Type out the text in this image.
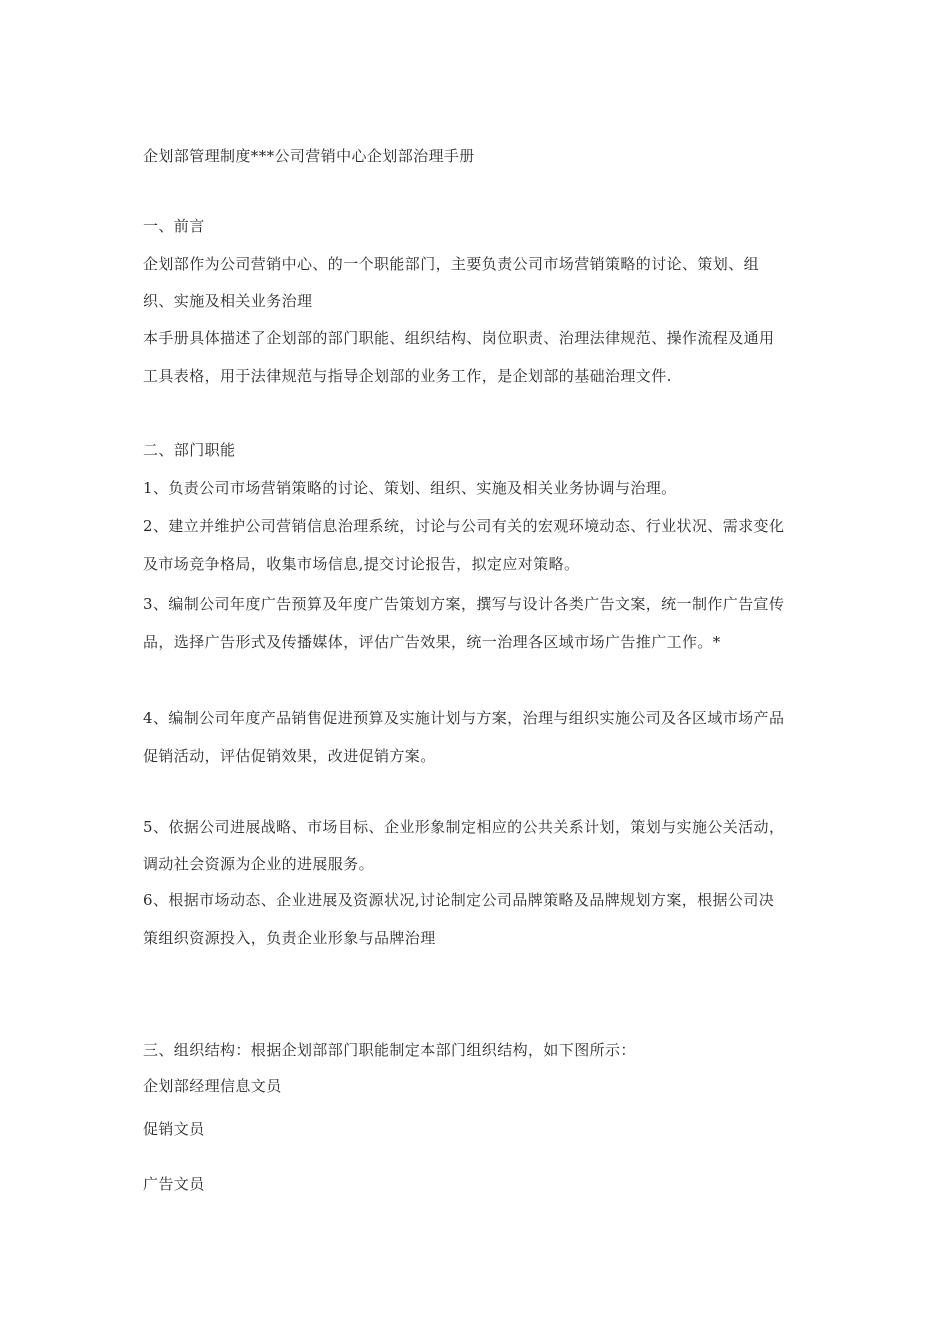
企划部管理制度***公司营销中心企划部治理手册
一、前言
企划部作为公司营销中心、的一个职能部门，主要负责公司市场营销策略的讨论、策划、组
织、实施及相关业务治理
本手册具体描述了企划部的部门职能、组织结构、岗位职责、治理法律规范、操作流程及通用
工具表格，用于法律规范与指导企划部的业务工作，是企划部的基础治理文件.
二、部门职能
1、负责公司市场营销策略的讨论、策划、组织、实施及相关业务协调与治理。
2、建立并维护公司营销信息治理系统，讨论与公司有关的宏观环境动态、行业状况、需求变化
及市场竞争格局，收集市场信息,提交讨论报告，拟定应对策略。
3、编制公司年度广告预算及年度广告策划方案，撰写与设计各类广告文案，统一制作广告宣传
品，选择广告形式及传播媒体，评估广告效果，统一治理各区域市场广告推广工作。*
4、编制公司年度产品销售促进预算及实施计划与方案，治理与组织实施公司及各区域市场产品
促销活动，评估促销效果，改进促销方案。
5、依据公司进展战略、市场目标、企业形象制定相应的公共关系计划，策划与实施公关活动，
调动社会资源为企业的进展服务。
6、根据市场动态、企业进展及资源状况,讨论制定公司品牌策略及品牌规划方案，根据公司决
策组织资源投入，负责企业形象与品牌治理
三、组织结构：根据企划部部门职能制定本部门组织结构，如下图所示：
企划部经理信息文员
促销文员
广告文员
